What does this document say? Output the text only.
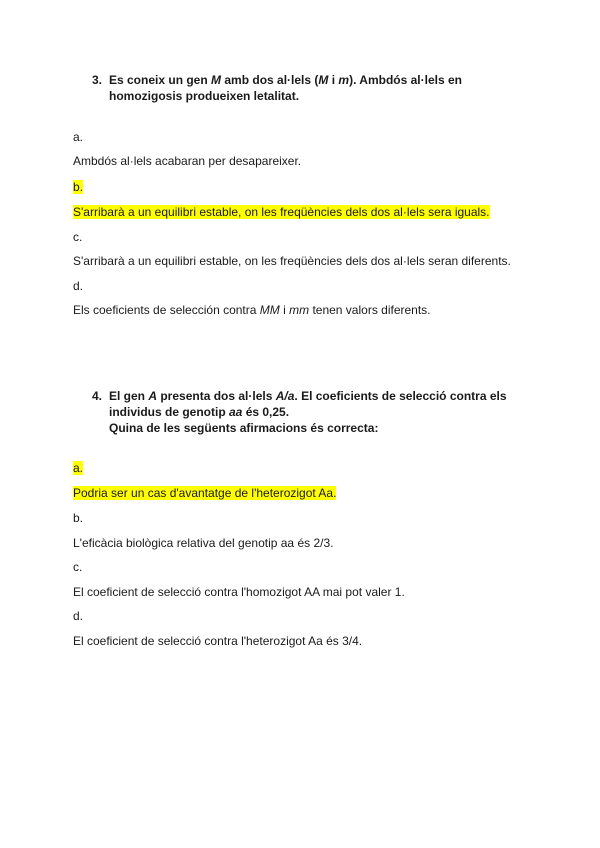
3. Es coneix un gen M amb dos al·lels (M i m). Ambdós al·lels en homozigosis produeixen letalitat.
a.
Ambdós al·lels acabaran per desapareixer.
b.
S'arribarà a un equilibri estable, on les freqüències dels dos al·lels sera iguals.
c.
S'arribarà a un equilibri estable, on les freqüències dels dos al·lels seran diferents.
d.
Els coeficients de selección contra MM i mm tenen valors diferents.
4. El gen A presenta dos al·lels A/a. El coeficients de selecció contra els individus de genotip aa és 0,25.
Quina de les següents afirmacions és correcta:
a.
Podria ser un cas d'avantatge de l'heterozigot Aa.
b.
L'eficàcia biològica relativa del genotip aa és 2/3.
c.
El coeficient de selecció contra l'homozigot AA mai pot valer 1.
d.
El coeficient de selecció contra l'heterozigot Aa és 3/4.
